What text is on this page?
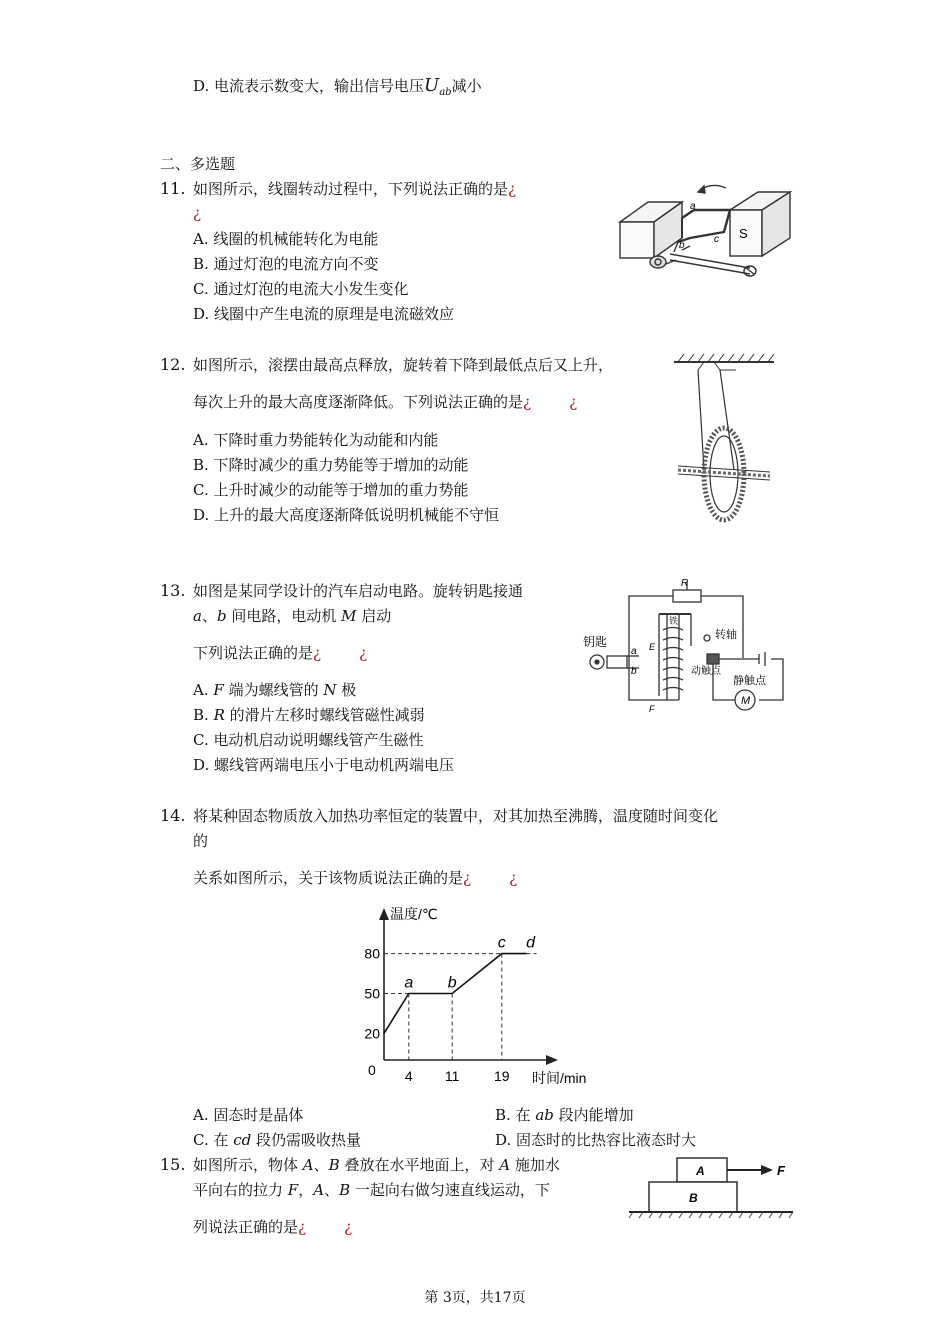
D. 电流表示数变大，输出信号电压$U_{ab}$减小
二、多选题
11. 如图所示，线圈转动过程中，下列说法正确的是¿
¿
A. 线圈的机械能转化为电能
B. 通过灯泡的电流方向不变
C. 通过灯泡的电流大小发生变化
D. 线圈中产生电流的原理是电流磁效应
a
b
c S
12. 如图所示，滚摆由最高点释放，旋转着下降到最低点后又上升，
每次上升的最大高度逐渐降低。下列说法正确的是¿	¿
A. 下降时重力势能转化为动能和内能
B. 下降时减少的重力势能等于增加的动能
C. 上升时减少的动能等于增加的重力势能
D. 上升的最大高度逐渐降低说明机械能不守恒
13. 如图是某同学设计的汽车启动电路。旋转钥匙接通
a、b 间电路，电动机 M 启动
下列说法正确的是¿	¿
A. F 端为螺线管的 N 极
B. R 的滑片左移时螺线管磁性减弱
C. 电动机启动说明螺线管产生磁性
D. 螺线管两端电压小于电动机两端电压
钥匙
R
铁
转轴
动触点
静触点
M
a
b
E
F
14. 将某种固态物质放入加热功率恒定的装置中，对其加热至沸腾，温度随时间变化
的
关系如图所示，关于该物质说法正确的是¿	¿
温度/℃
时间/min
0
20
50
80
4 11 19
a b
c d
A. 固态时是晶体	B. 在 ab 段内能增加
C. 在 cd 段仍需吸收热量	D. 固态时的比热容比液态时大
15. 如图所示，物体 A、B 叠放在水平地面上，对 A 施加水
平向右的拉力 F，A、B 一起向右做匀速直线运动，下
列说法正确的是¿	¿
A
B
F
第 3页，共17页
